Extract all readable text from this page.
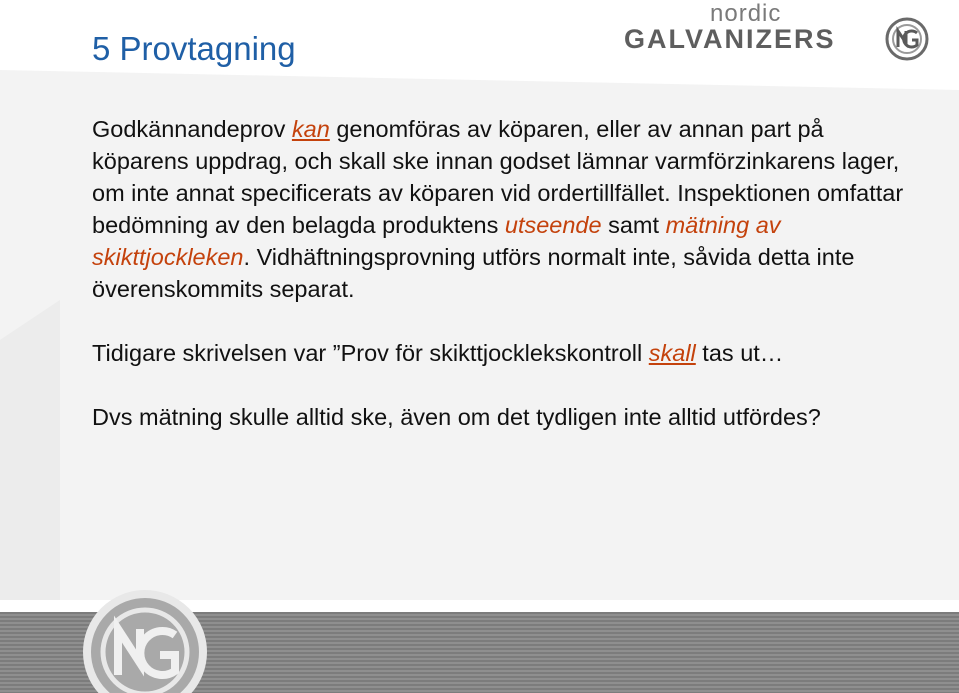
5 Provtagning
nordic
GALVANIZERS

Godkännandeprov kan genomföras av köparen, eller av annan part på köparens uppdrag, och skall ske innan godset lämnar varmförzinkarens lager, om inte annat specificerats av köparen vid ordertillfället. Inspektionen omfattar bedömning av den belagda produktens utseende samt mätning av skikttjockleken. Vidhäftningsprovning utförs normalt inte, såvida detta inte överenskommits separat.

Tidigare skrivelsen var ”Prov för skikttjocklekskontroll skall tas ut…

Dvs mätning skulle alltid ske, även om det tydligen inte alltid utfördes?
